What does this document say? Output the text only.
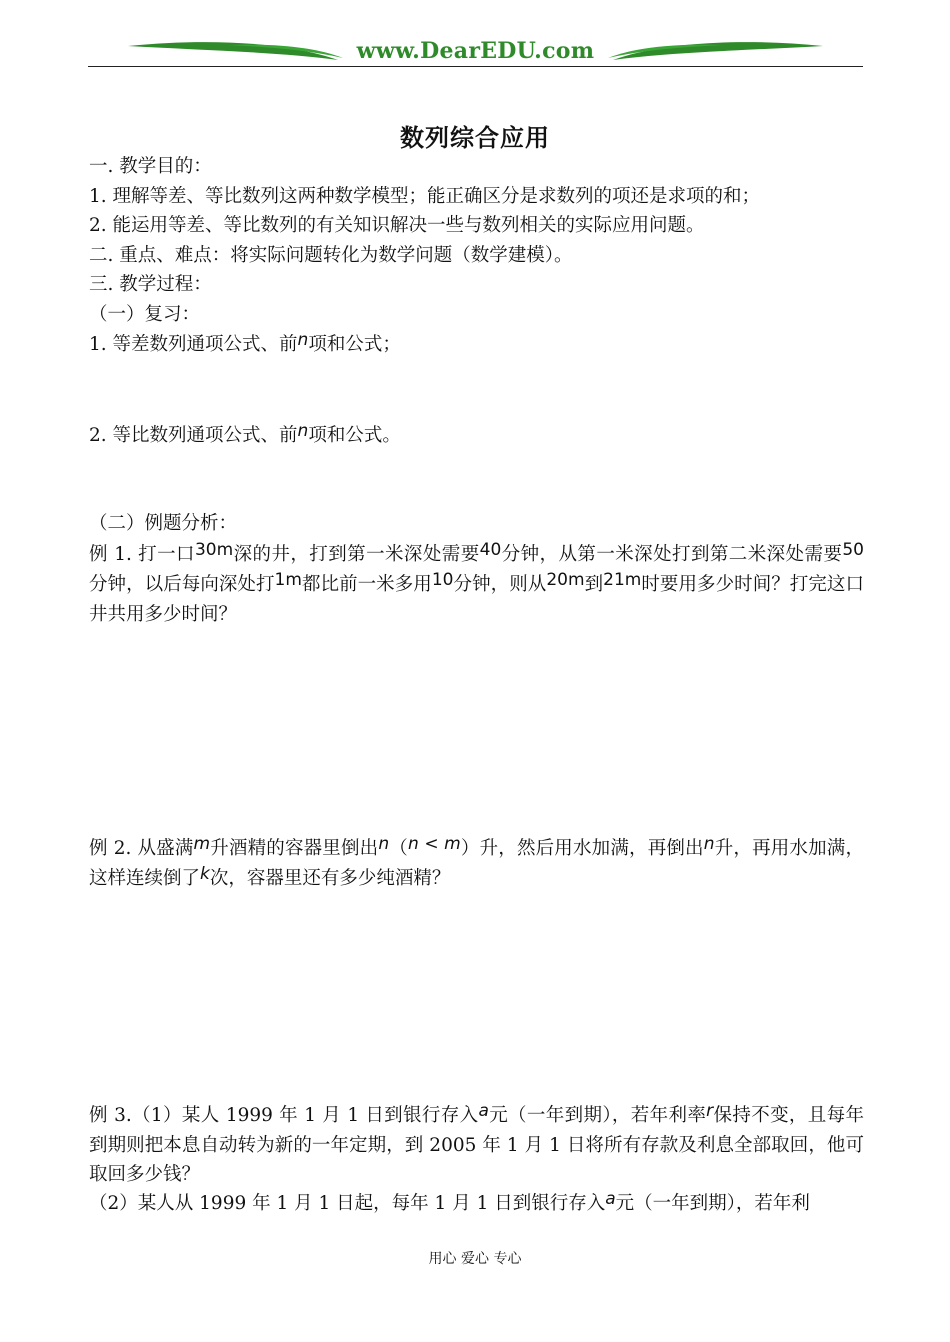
www.DearEDU.com
数列综合应用
一. 教学目的：
1. 理解等差、等比数列这两种数学模型；能正确区分是求数列的项还是求项的和；
2. 能运用等差、等比数列的有关知识解决一些与数列相关的实际应用问题。
二. 重点、难点：将实际问题转化为数学问题（数学建模）。
三. 教学过程：
（一）复习：
1. 等差数列通项公式、前n项和公式；
2. 等比数列通项公式、前n项和公式。
（二）例题分析：
例 1. 打一口30m深的井，打到第一米深处需要40分钟，从第一米深处打到第二米深处需要50分钟，以后每向深处打1m都比前一米多用10分钟，则从20m到21m时要用多少时间？打完这口井共用多少时间？
例 2. 从盛满m升酒精的容器里倒出n（n < m）升，然后用水加满，再倒出n升，再用水加满，这样连续倒了k次，容器里还有多少纯酒精？
例 3.（1）某人 1999 年 1 月 1 日到银行存入a元（一年到期），若年利率r保持不变，且每年到期则把本息自动转为新的一年定期，到 2005 年 1 月 1 日将所有存款及利息全部取回，他可取回多少钱？
（2）某人从 1999 年 1 月 1 日起，每年 1 月 1 日到银行存入a元（一年到期），若年利
用心 爱心 专心
